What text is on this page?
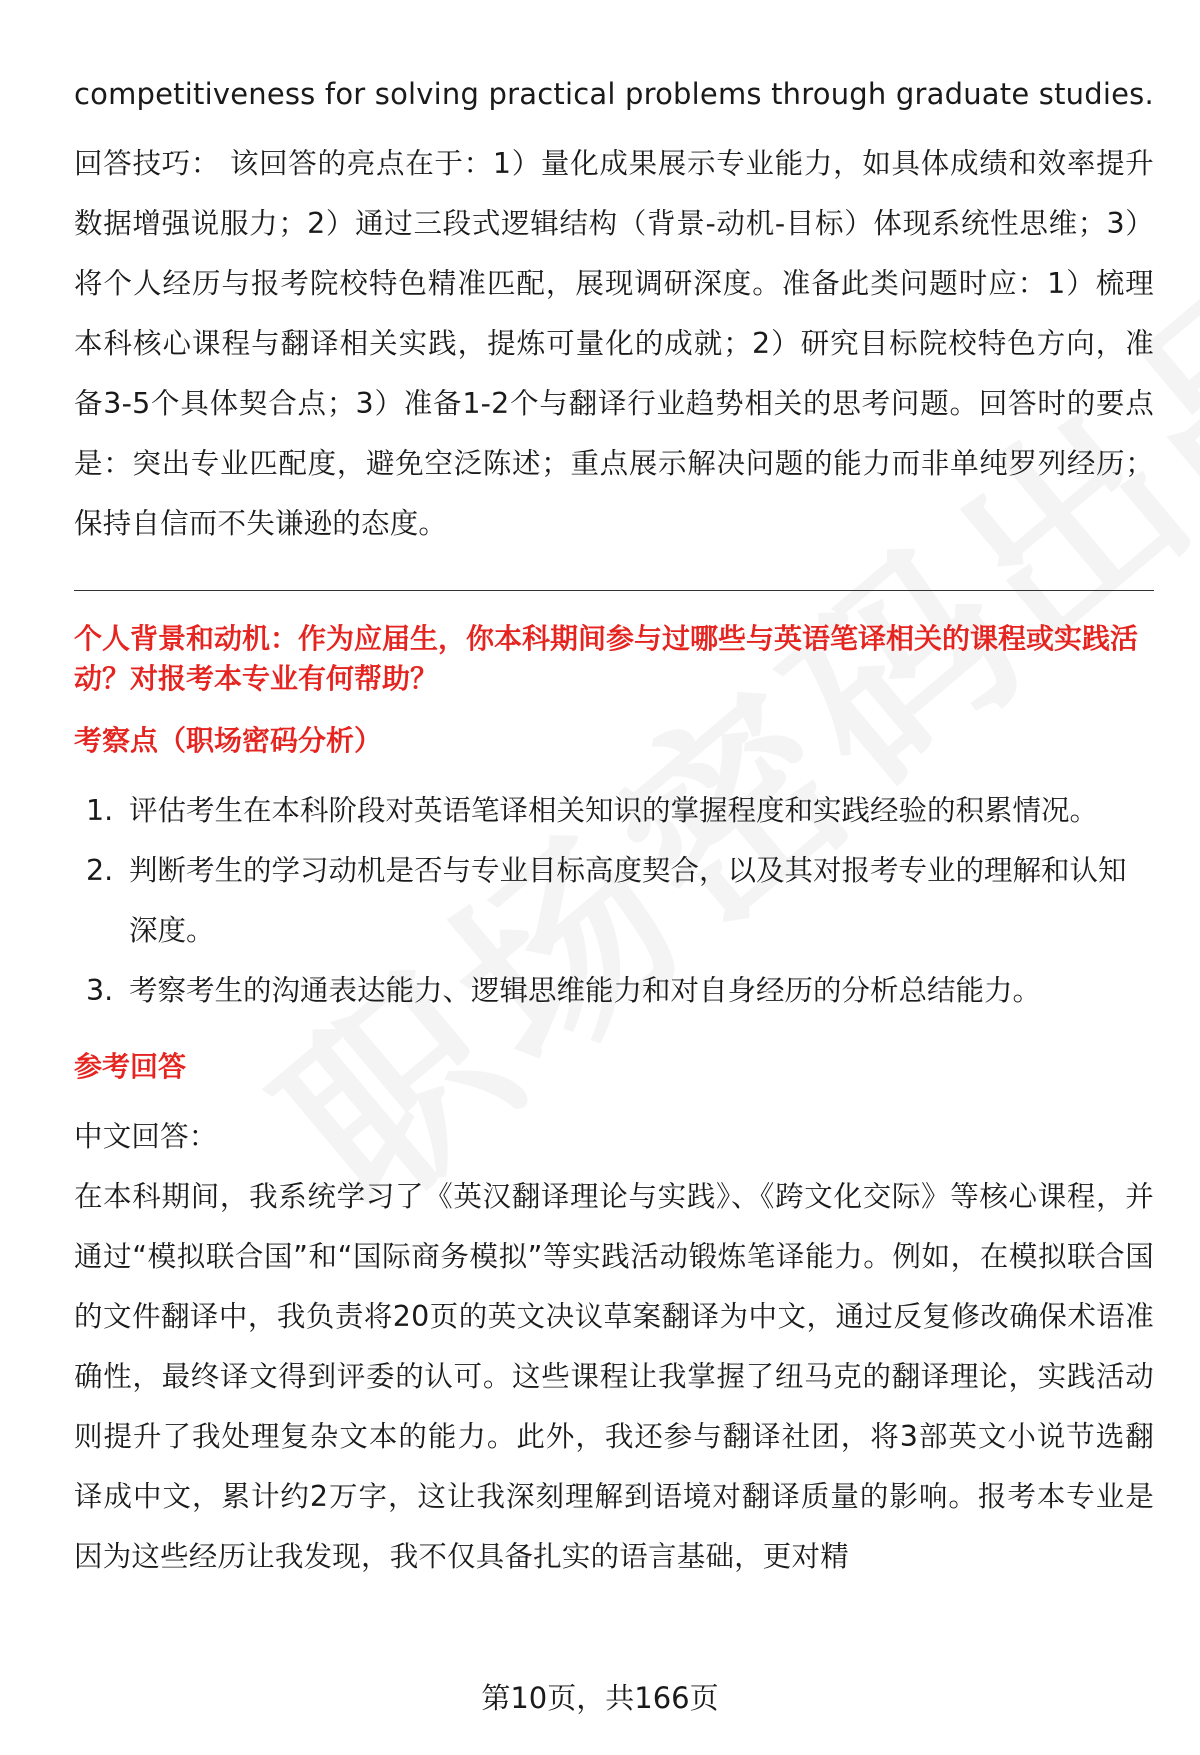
competitiveness for solving practical problems through graduate studies.

回答技巧： 该回答的亮点在于：1）量化成果展示专业能力，如具体成绩和效率提升数据增强说服力；2）通过三段式逻辑结构（背景-动机-目标）体现系统性思维；3）将个人经历与报考院校特色精准匹配，展现调研深度。准备此类问题时应：1）梳理本科核心课程与翻译相关实践，提炼可量化的成就；2）研究目标院校特色方向，准备3-5个具体契合点；3）准备1-2个与翻译行业趋势相关的思考问题。回答时的要点是：突出专业匹配度，避免空泛陈述；重点展示解决问题的能力而非单纯罗列经历；保持自信而不失谦逊的态度。

个人背景和动机：作为应届生，你本科期间参与过哪些与英语笔译相关的课程或实践活动？对报考本专业有何帮助？

考察点（职场密码分析）

1. 评估考生在本科阶段对英语笔译相关知识的掌握程度和实践经验的积累情况。
2. 判断考生的学习动机是否与专业目标高度契合，以及其对报考专业的理解和认知深度。
3. 考察考生的沟通表达能力、逻辑思维能力和对自身经历的分析总结能力。

参考回答

中文回答：

在本科期间，我系统学习了《英汉翻译理论与实践》、《跨文化交际》等核心课程，并通过“模拟联合国”和“国际商务模拟”等实践活动锻炼笔译能力。例如，在模拟联合国的文件翻译中，我负责将20页的英文决议草案翻译为中文，通过反复修改确保术语准确性，最终译文得到评委的认可。这些课程让我掌握了纽马克的翻译理论，实践活动则提升了我处理复杂文本的能力。此外，我还参与翻译社团，将3部英文小说节选翻译成中文，累计约2万字，这让我深刻理解到语境对翻译质量的影响。报考本专业是因为这些经历让我发现，我不仅具备扎实的语言基础，更对精

第10页，共166页
